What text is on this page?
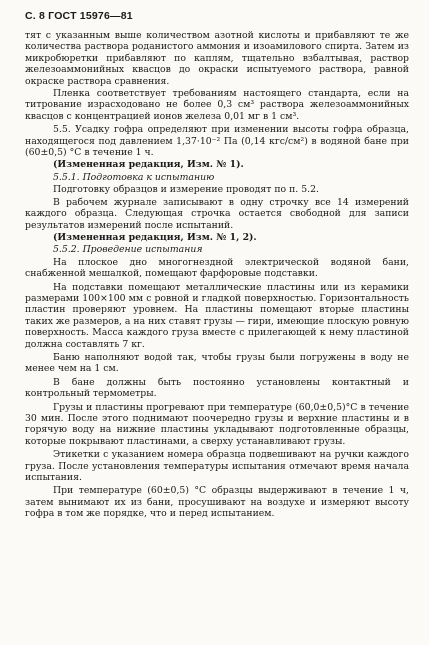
С. 8 ГОСТ 15976—81
тят с указанным выше количеством азотной кислоты и прибавляют те же количества раствора роданистого аммония и изоамилового спирта. Затем из микробюретки прибавляют по каплям, тщательно взбалтывая, раствор железоаммонийных квасцов до окраски испытуемого раствора, равной окраске раствора сравнения.
Пленка соответствует требованиям настоящего стандарта, если на титрование израсходовано не более 0,3 см³ раствора железоаммонийных квасцов с концентрацией ионов железа 0,01 мг в 1 см³.
5.5. Усадку гофра определяют при изменении высоты гофра образца, находящегося под давлением 1,37·10⁻² Па (0,14 кгс/см²) в водяной бане при (60±0,5) °С в течение 1 ч.
(Измененная редакция, Изм. № 1).
5.5.1. Подготовка к испытанию
Подготовку образцов и измерение проводят по п. 5.2.
В рабочем журнале записывают в одну строчку все 14 измерений каждого образца. Следующая строчка остается свободной для записи результатов измерений после испытаний.
(Измененная редакция, Изм. № 1, 2).
5.5.2. Проведение испытания
На плоское дно многогнездной электрической водяной бани, снабженной мешалкой, помещают фарфоровые подставки.
На подставки помещают металлические пластины или из керамики размерами 100×100 мм с ровной и гладкой поверхностью. Горизонтальность пластин проверяют уровнем. На пластины помещают вторые пластины таких же размеров, а на них ставят грузы — гири, имеющие плоскую ровную поверхность. Масса каждого груза вместе с прилегающей к нему пластиной должна составлять 7 кг.
Баню наполняют водой так, чтобы грузы были погружены в воду не менее чем на 1 см.
В бане должны быть постоянно установлены контактный и контрольный термометры.
Грузы и пластины прогревают при температуре (60,0±0,5)°С в течение 30 мин. После этого поднимают поочередно грузы и верхние пластины и в горячую воду на нижние пластины укладывают подготовленные образцы, которые покрывают пластинами, а сверху устанавливают грузы.
Этикетки с указанием номера образца подвешивают на ручки каждого груза. После установления температуры испытания отмечают время начала испытания.
При температуре (60±0,5) °С образцы выдерживают в течение 1 ч, затем вынимают их из бани, просушивают на воздухе и измеряют высоту гофра в том же порядке, что и перед испытанием.
